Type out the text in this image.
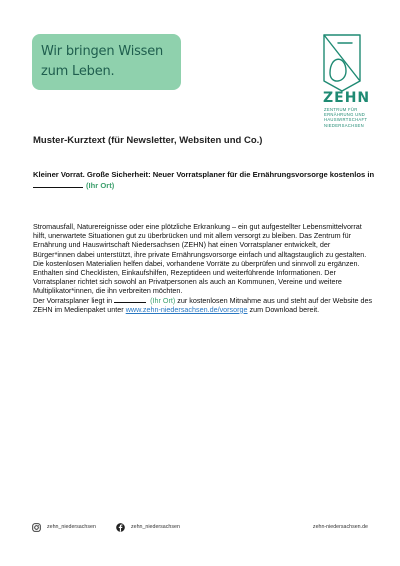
Wir bringen Wissen
zum Leben.
ZEHN
ZENTRUM FÜR
ERNÄHRUNG UND
HAUSWIRTSCHAFT
NIEDERSACHSEN
Muster-Kurztext (für Newsletter, Websiten und Co.)
Kleiner Vorrat. Große Sicherheit: Neuer Vorratsplaner für die Ernährungsvorsorge kostenlos in
(Ihr Ort)

Stromausfall, Naturereignisse oder eine plötzliche Erkrankung – ein gut aufgestellter Lebensmittelvorrat hilft, unerwartete Situationen gut zu überbrücken und mit allem versorgt zu bleiben. Das Zentrum für Ernährung und Hauswirtschaft Niedersachsen (ZEHN) hat einen Vorratsplaner entwickelt, der Bürger*innen dabei unterstützt, ihre private Ernährungsvorsorge einfach und alltagstauglich zu gestalten. Die kostenlosen Materialien helfen dabei, vorhandene Vorräte zu überprüfen und sinnvoll zu ergänzen. Enthalten sind Checklisten, Einkaufshilfen, Rezeptideen und weiterführende Informationen. Der Vorratsplaner richtet sich sowohl an Privatpersonen als auch an Kommunen, Vereine und weitere Multiplikator*innen, die ihn verbreiten möchten.

Der Vorratsplaner liegt in	(Ihr Ort) zur kostenlosen Mitnahme aus und steht auf der Website des ZEHN im Medienpaket unter www.zehn-niedersachsen.de/vorsorge zum Download bereit.

zehn_niedersachsen	zehn_niedersachsen	zehn-niedersachsen.de
